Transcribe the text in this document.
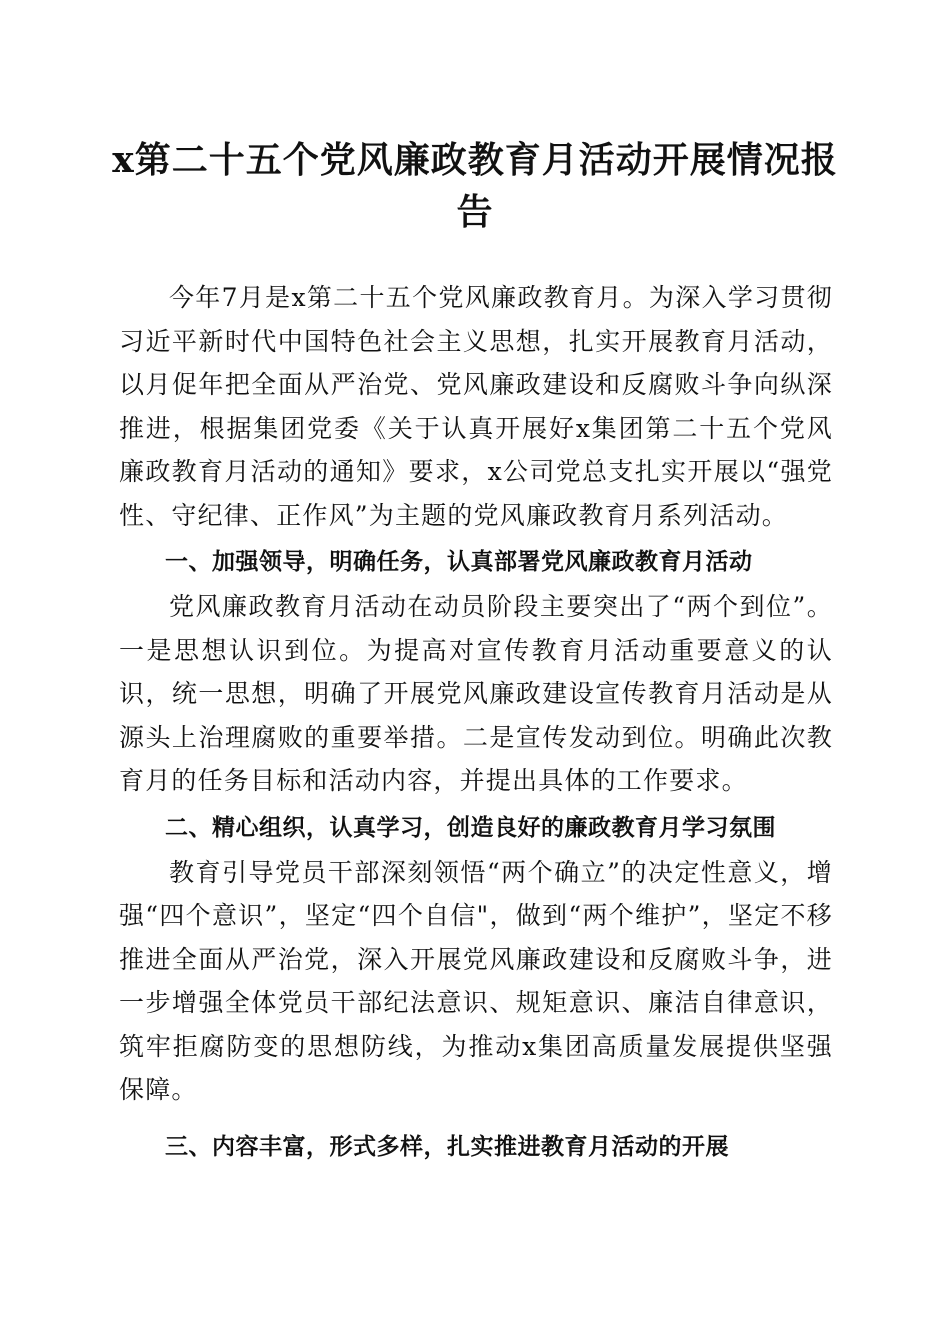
x第二十五个党风廉政教育月活动开展情况报告

今年7月是x第二十五个党风廉政教育月。为深入学习贯彻习近平新时代中国特色社会主义思想，扎实开展教育月活动，以月促年把全面从严治党、党风廉政建设和反腐败斗争向纵深推进，根据集团党委《关于认真开展好x集团第二十五个党风廉政教育月活动的通知》要求，x公司党总支扎实开展以“强党性、守纪律、正作风”为主题的党风廉政教育月系列活动。

一、加强领导，明确任务，认真部署党风廉政教育月活动

党风廉政教育月活动在动员阶段主要突出了“两个到位”。一是思想认识到位。为提高对宣传教育月活动重要意义的认识，统一思想，明确了开展党风廉政建设宣传教育月活动是从源头上治理腐败的重要举措。二是宣传发动到位。明确此次教育月的任务目标和活动内容，并提出具体的工作要求。

二、精心组织，认真学习，创造良好的廉政教育月学习氛围

教育引导党员干部深刻领悟“两个确立”的决定性意义，增强“四个意识”，坚定“四个自信"，做到“两个维护”，坚定不移推进全面从严治党，深入开展党风廉政建设和反腐败斗争，进一步增强全体党员干部纪法意识、规矩意识、廉洁自律意识，筑牢拒腐防变的思想防线，为推动x集团高质量发展提供坚强保障。

三、内容丰富，形式多样，扎实推进教育月活动的开展
